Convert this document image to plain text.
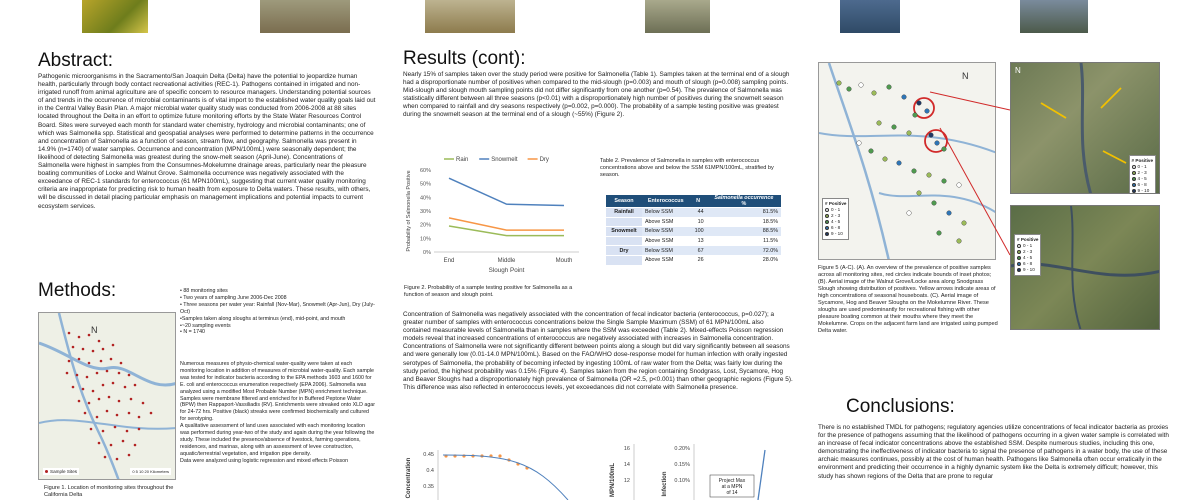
Abstract:
Pathogenic microorganisms in the Sacramento/San Joaquin Delta (Delta) have the potential to jeopardize human health, particularly through body contact recreational activities (REC-1). Pathogens contained in irrigated and non-irrigated runoff from animal agriculture are of specific concern to resource managers. Understanding potential sources of and trends in the occurrence of microbial contaminants is of vital import to the established water quality goals laid out in the Central Valley Basin Plan. A major microbial water quality study was conducted from 2006-2008 at 88 sites located throughout the Delta in an effort to optimize future monitoring efforts by the State Water Resources Control Board. Sites were surveyed each month for standard water chemistry, hydrology and microbial contaminants; one of which was Salmonella spp. Statistical and geospatial analyses were performed to determine patterns in the occurrence and concentration of Salmonella as a function of season, stream flow, and geography. Salmonella was present in 14.9% (n=1740) of water samples. Occurrence and concentration (MPN/100mL) were seasonally dependent; the likelihood of detecting Salmonella was greatest during the snow-melt season (April-June). Concentrations of Salmonella were highest in samples from the Consumnes-Mokelumne drainage areas, particularly near the pleasure boating communities of Locke and Walnut Grove. Salmonella occurrence was negatively associated with the exceedance of REC-1 standards for enterococcus (61 MPN100mL), suggesting that current water quality monitoring criteria are inappropriate for predicting risk to human health from exposure to Delta waters. These results, with others, will be discussed in detail placing particular emphasis on management implications and potential impacts to current ecosystem services.
Methods:
N
Sample Sites	0 5 10 20 Kilometers
Figure 1. Location of monitoring sites throughout the California Delta
• 88 monitoring sites
• Two years of sampling June 2006-Dec 2008
• Three seasons per water year: Rainfall (Nov-Mar), Snowmelt (Apr-Jun), Dry (July-Oct)
•Samples taken along sloughs at terminus (end), mid-point, and mouth
•~20 sampling events
• N = 1740
Numerous measures of physio-chemical water-quality were taken at each monitoring location in addition of measures of microbial water-quality. Each sample was tested for indicator bacteria according to the EPA methods 1603 and 1600 for E. coli and enterococcus enumeration respectively (EPA 2006). Salmonella was analyzed using a modified Most Probable Number (MPN) enrichment technique. Samples were membrane filtered and enriched for in Buffered Peptone Water (BPW) then Rappaport-Vassiliadis (RV). Enrichments were streaked onto XLD agar for 24-72 hrs. Positive (black) streaks were confirmed biochemically and cultured for serotyping.
A qualitative assessment of land uses associated with each monitoring location was performed during year-two of the study and again during the year following the study. These included the presence/absence of livestock, farming operations, residences, and marinas, along with an assessment of levee construction, aquatic/terrestrial vegetation, and irrigation pipe density.
Data were analyzed using logistic regression and mixed effects Poisson
Results (cont):
Nearly 15% of samples taken over the study period were positive for Salmonella (Table 1). Samples taken at the terminal end of a slough had a disproportionate number of positives when compared to the mid-slough (p=0.003) and mouth of slough (p=0.008) sampling points. Mid-slough and slough mouth sampling points did not differ significantly from one another (p=0.54). The prevalence of Salmonella was statistically different between all three seasons (p<0.01) with a disproportionately high number of positives during the snowmelt season when compared to rainfall and dry seasons respectively (p=0.002, p=0.000). The probability of a sample testing positive was greatest during the snowmelt season at the terminal end of a slough (~55%) (Figure 2).
Rain	Snowmelt	Dry
0%
10%
20%
30%
40%
50%
60%
End	Middle	Mouth
Slough Point
Probability of Salmonella Positive
Figure 2. Probability of a sample testing positive for Salmonella as a function of season and slough point.
Table 2. Prevalence of Salmonella in samples with enterococcus concentrations above and below the SSM 61MPN/100mL, stratified by season.
Season	Enterococcus	N	Salmonella occurrence
%
Rainfall	Below SSM	44	81.5%
	Above SSM	10	18.5%
Snowmelt	Below SSM	100	88.5%
	Above SSM	13	11.5%
Dry	Below SSM	67	72.0%
	Above SSM	26	28.0%
Concentration of Salmonella was negatively associated with the concentration of fecal indicator bacteria (enterococcus, p=0.027); a greater number of samples with enterococcus concentrations below the Single Sample Maximum (SSM) of 61 MPN/100mL also contained measurable levels of Salmonella than in samples where the SSM was exceeded (Table 2). Mixed-effects Poisson regression models reveal that increased concentrations of enterococcus are negatively associated with increases in Salmonella concentration. Concentrations of Salmonella were not significantly different between points along a slough but did vary significantly between all seasons and were generally low (0.01-14.0 MPN/100mL). Based on the FAO/WHO dose-response model for human infection with orally ingested serotypes of Salmonella, the probability of becoming infected by ingesting 100mL of raw water from the Delta; was fairly low during the study period, the highest probability was 0.15% (Figure 4). Samples taken from the region containing Snodgrass, Lost, Sycamore, Hog and Beaver Sloughs had a disproportionately high prevalence of Salmonella (OR =2.5, p<0.001) than other geographic regions (Figure 5). This difference was also reflected in enterococcus levels, yet exceedances did not correlate with Salmonella presence.
Concentration
0.45
0.4
0.35	MPN/100mL	Infection
16
14
12
0.20%
0.15%
0.10%	Project Max
at a MPN
of 14
N
# Positive
0 - 1
2 - 3
4 - 5
6 - 8
9 - 10
N
# Positive
0 - 1
2 - 3
4 - 5
6 - 8
9 - 10
# Positive
0 - 1
2 - 3
4 - 5
6 - 8
9 - 10
Figure 5 (A-C). (A). An overview of the prevalence of positive samples across all monitoring sites, red circles indicate bounds of inset photos; (B). Aerial image of the Walnut Grove/Locke area along Snodgrass Slough showing distribution of positives. Yellow arrows indicate areas of high concentrations of seasonal houseboats. (C). Aerial image of Sycamore, Hog and Beaver Sloughs on the Mokelumne River. These sloughs are used predominantly for recreational fishing with other pleasure boating common at their mouths where they meet the Mokelumne. Crops on the adjacent farm land are irrigated using pumped Delta water.
Conclusions:
There is no established TMDL for pathogens; regulatory agencies utilize concentrations of fecal indicator bacteria as proxies for the presence of pathogens assuming that the likelihood of pathogens occurring in a given water sample is correlated with an increase of fecal indicator concentrations above the established SSM. Despite numerous studies, including this one, demonstrating the ineffectiveness of indicator bacteria to signal the presence of pathogens in a water body, the use of these archaic measures continues, possibly at the cost of human health. Pathogens like Salmonella often occur erratically in the environment and predicting their occurrence in a highly dynamic system like the Delta is extremely difficult; however, this study has shown regions of the Delta that are prone to regular
